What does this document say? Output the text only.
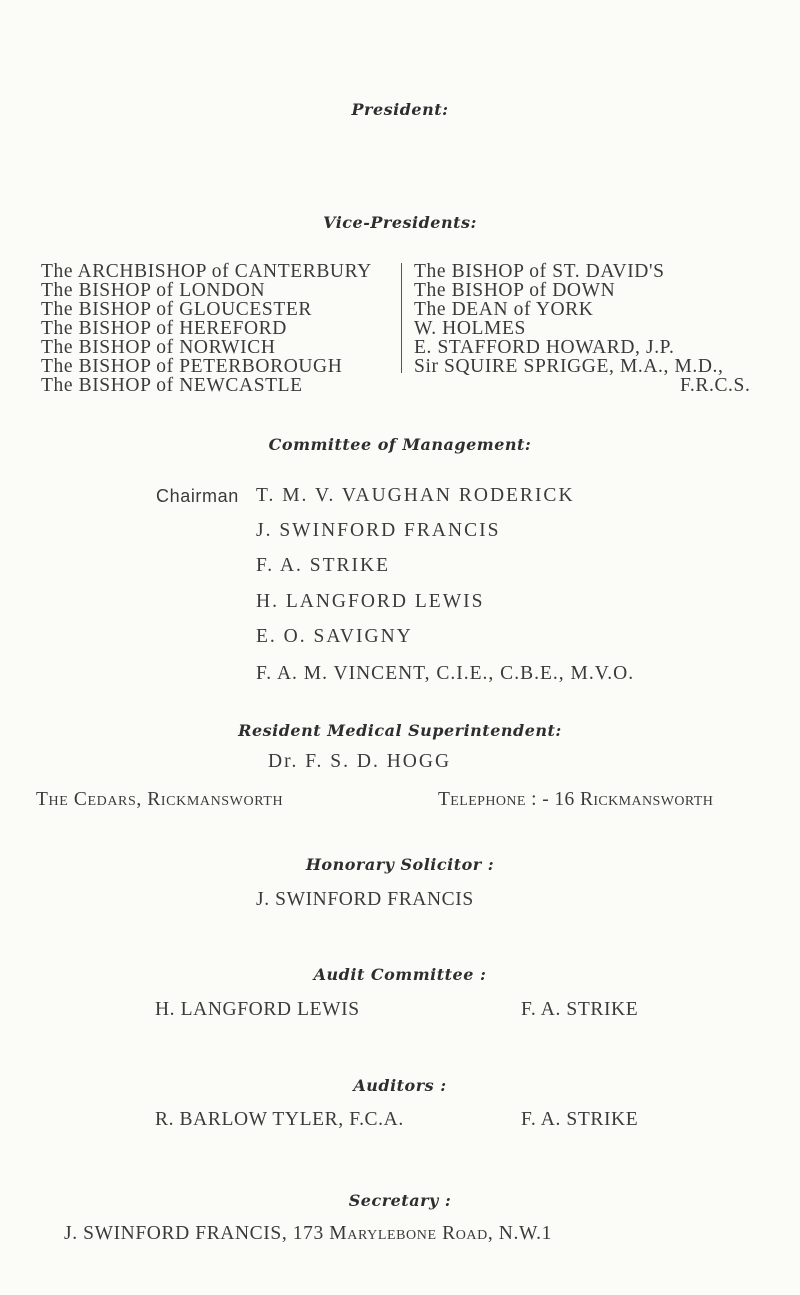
President:
Vice-Presidents:
The ARCHBISHOP of CANTERBURY
The BISHOP of LONDON
The BISHOP of GLOUCESTER
The BISHOP of HEREFORD
The BISHOP of NORWICH
The BISHOP of PETERBOROUGH
The BISHOP of NEWCASTLE
The BISHOP of ST. DAVID'S
The BISHOP of DOWN
The DEAN of YORK
W. HOLMES
E. STAFFORD HOWARD, J.P.
Sir SQUIRE SPRIGGE, M.A., M.D.,
F.R.C.S.
Committee of Management:
Chairman T. M. V. VAUGHAN RODERICK
J. SWINFORD FRANCIS
F. A. STRIKE
H. LANGFORD LEWIS
E. O. SAVIGNY
F. A. M. VINCENT, C.I.E., C.B.E., M.V.O.
Resident Medical Superintendent:
Dr. F. S. D. HOGG
The Cedars, Rickmansworth	Telephone : - 16 Rickmansworth
Honorary Solicitor :
J. SWINFORD FRANCIS
Audit Committee :
H. LANGFORD LEWIS	F. A. STRIKE
Auditors :
R. BARLOW TYLER, F.C.A.	F. A. STRIKE
Secretary :
J. SWINFORD FRANCIS, 173 Marylebone Road, N.W.1
